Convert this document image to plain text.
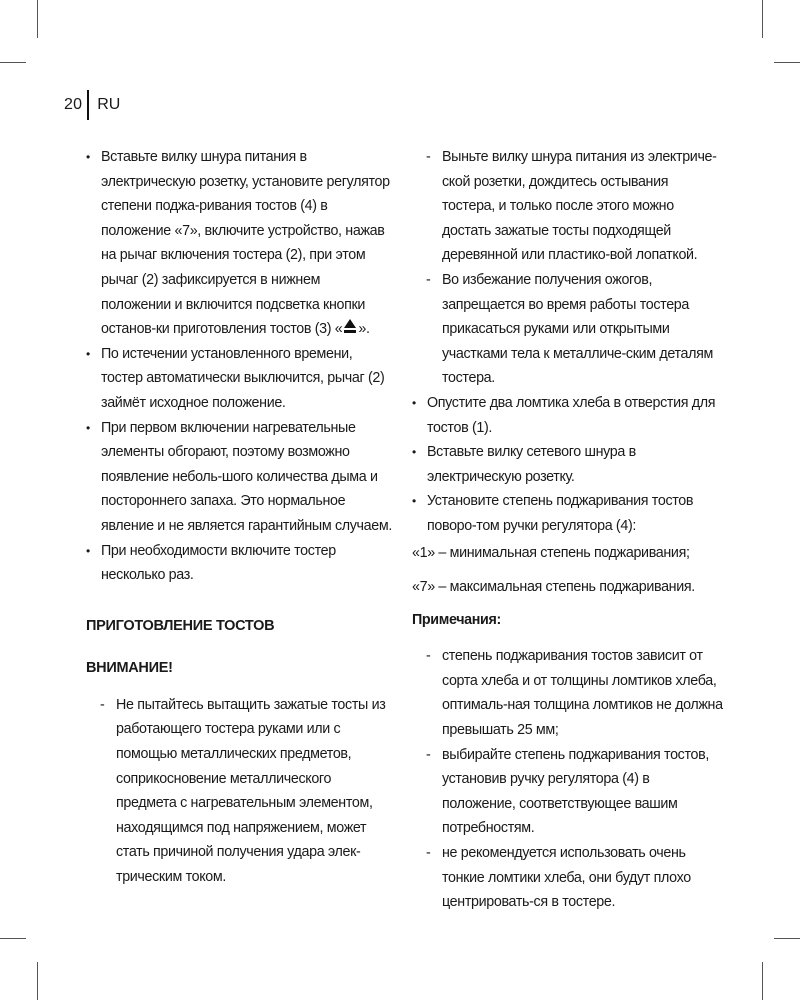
20 RU
• Вставьте вилку шнура питания в электрическую розетку, установите регулятор степени поджа-ривания тостов (4) в положение «7», включите устройство, нажав на рычаг включения тостера (2), при этом рычаг (2) зафиксируется в нижнем положении и включится подсветка кнопки останов-ки приготовления тостов (3) « ».
• По истечении установленного времени, тостер автоматически выключится, рычаг (2) займёт исходное положение.
• При первом включении нагревательные элементы обгорают, поэтому возможно появление неболь-шого количества дыма и постороннего запаха. Это нормальное явление и не является гарантийным случаем.
• При необходимости включите тостер несколько раз.
ПРИГОТОВЛЕНИЕ ТОСТОВ
ВНИМАНИЕ!
- Не пытайтесь вытащить зажатые тосты из работающего тостера руками или с помощью металлических предметов, соприкосновение металлического предмета с нагревательным элементом, находящимся под напряжением, может стать причиной получения удара элек-трическим током.
- Выньте вилку шнура питания из электриче-ской розетки, дождитесь остывания тостера, и только после этого можно достать зажатые тосты подходящей деревянной или пластико-вой лопаткой.
- Во избежание получения ожогов, запрещается во время работы тостера прикасаться руками или открытыми участками тела к металличе-ским деталям тостера.
• Опустите два ломтика хлеба в отверстия для тостов (1).
• Вставьте вилку сетевого шнура в электрическую розетку.
• Установите степень поджаривания тостов поворо-том ручки регулятора (4):
«1» – минимальная степень поджаривания;
«7» – максимальная степень поджаривания.
Примечания:
- степень поджаривания тостов зависит от сорта хлеба и от толщины ломтиков хлеба, оптималь-ная толщина ломтиков не должна превышать 25 мм;
- выбирайте степень поджаривания тостов, установив ручку регулятора (4) в положение, соответствующее вашим потребностям.
- не рекомендуется использовать очень тонкие ломтики хлеба, они будут плохо центрировать-ся в тостере.
